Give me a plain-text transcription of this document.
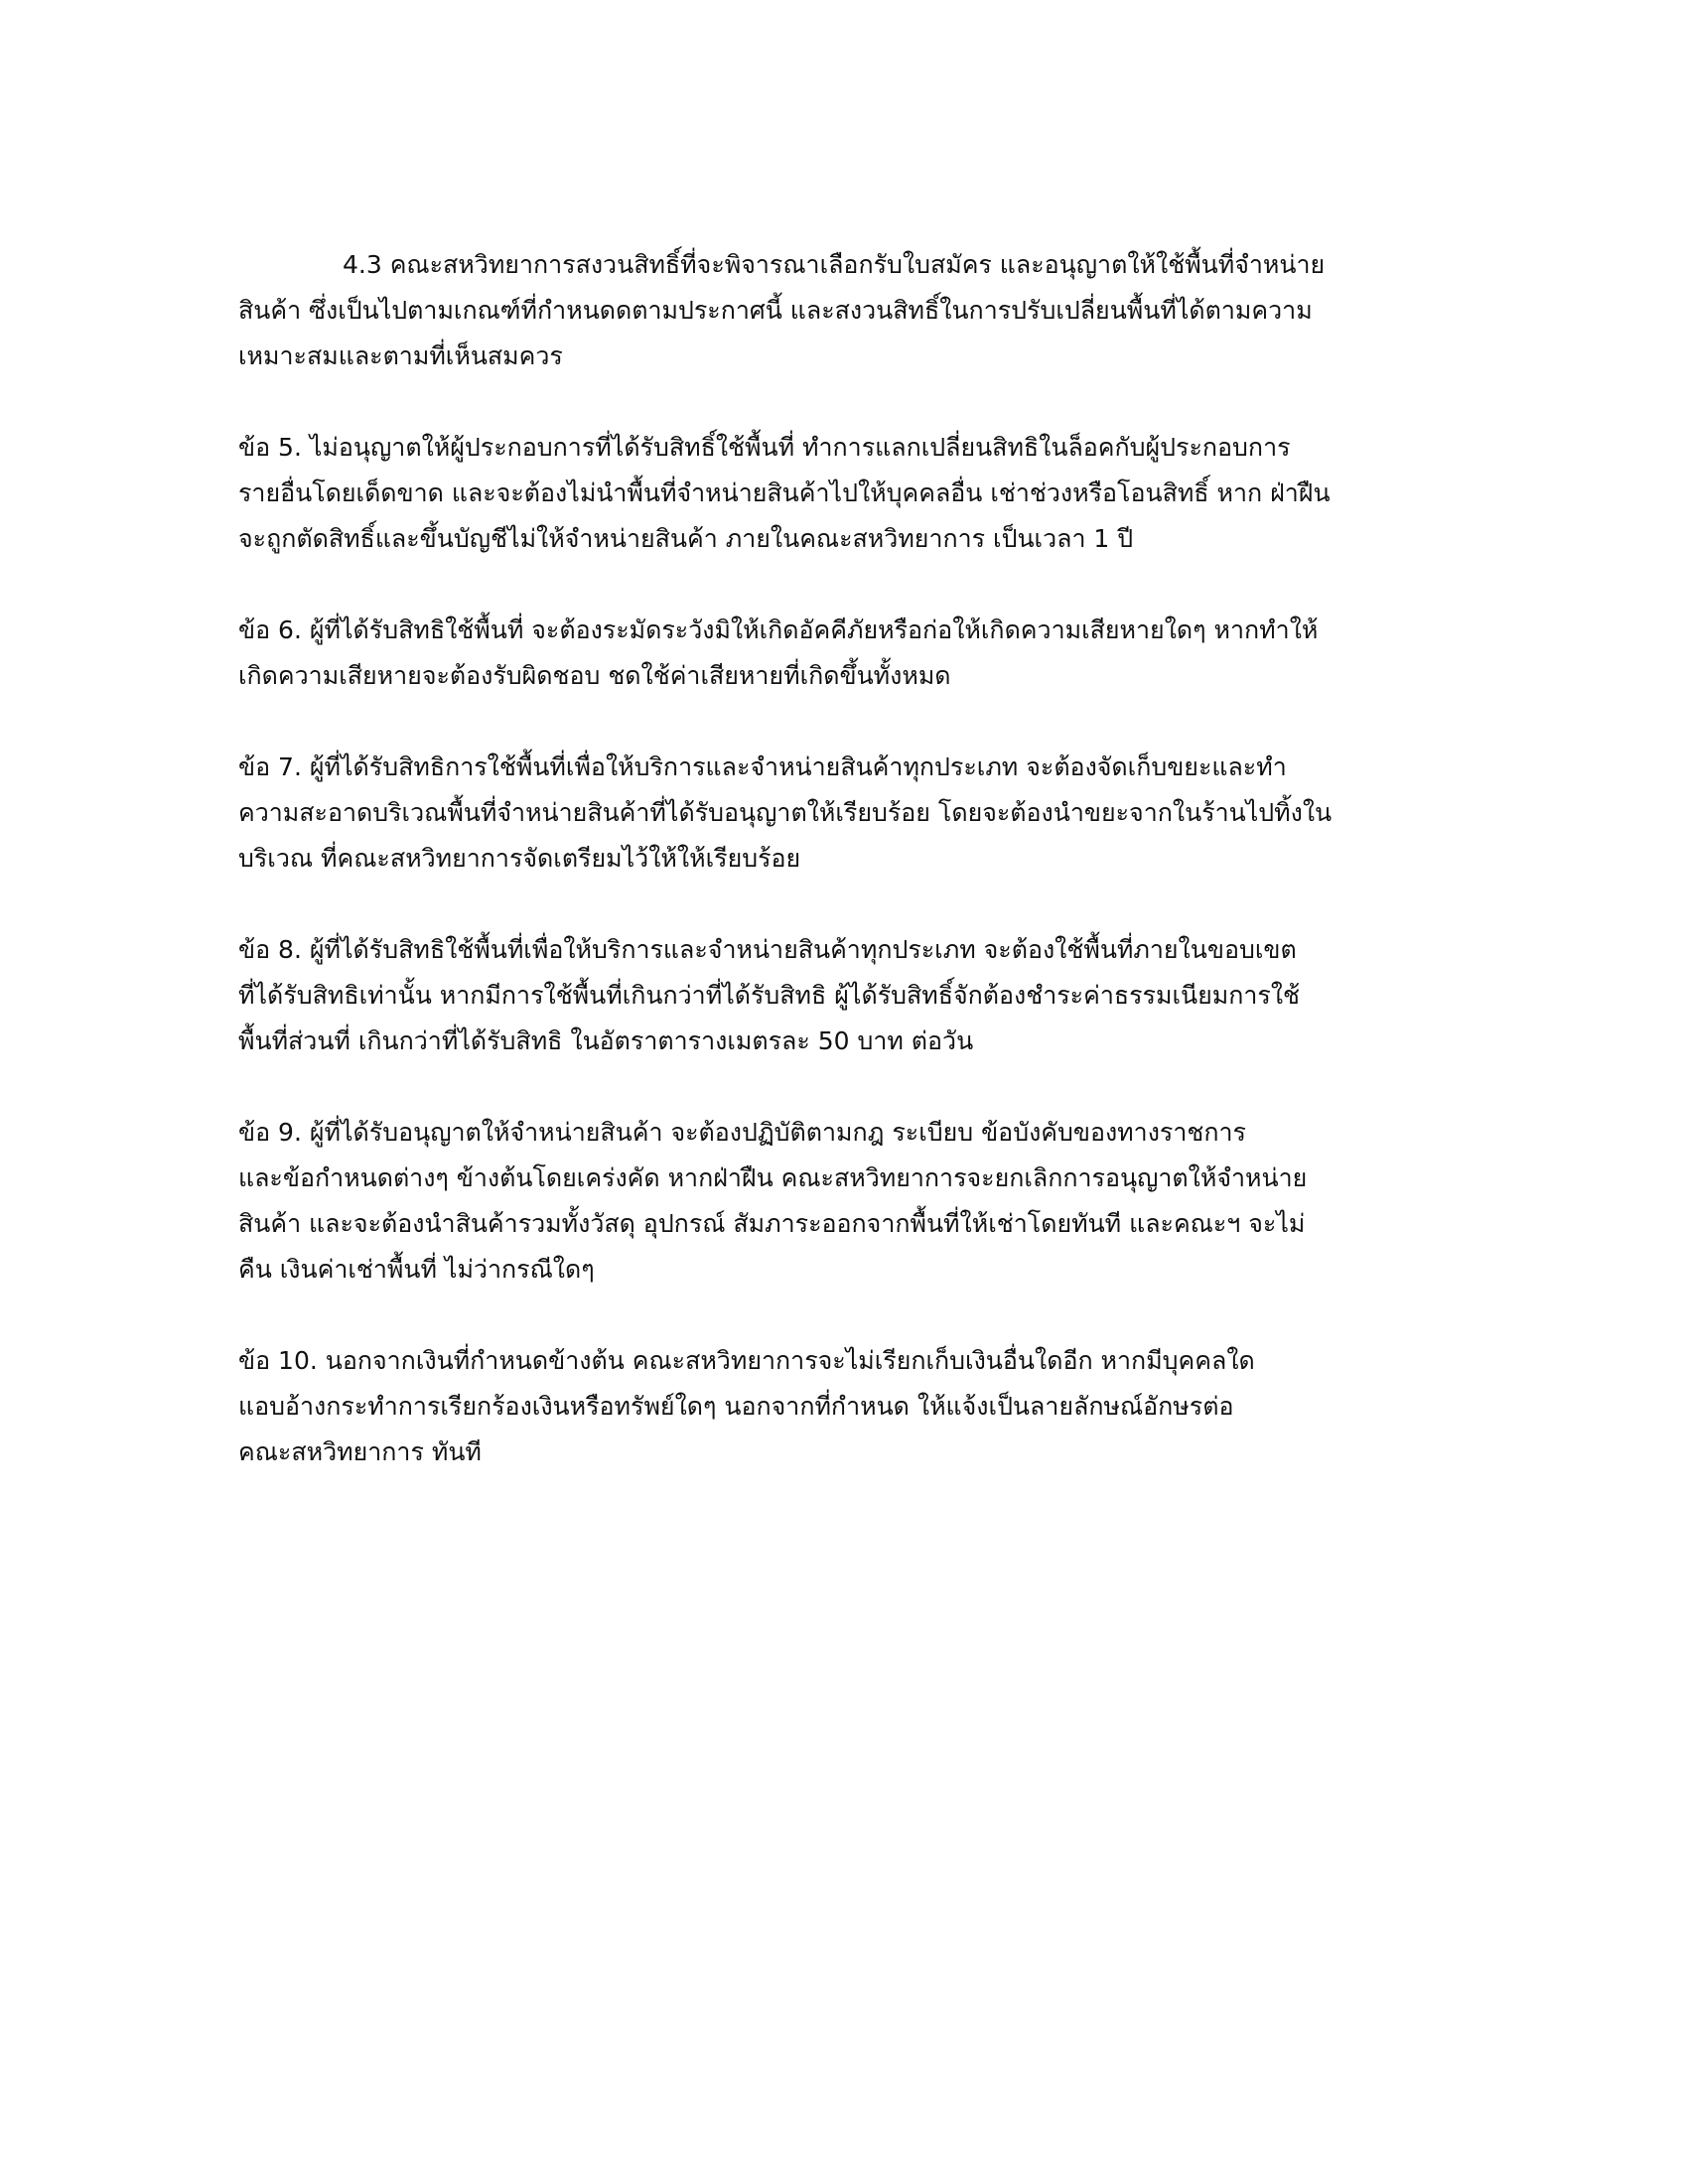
4.3 คณะสหวิทยาการสงวนสิทธิ์ที่จะพิจารณาเลือกรับใบสมัคร และอนุญาตให้ใช้พื้นที่จำหน่าย
สินค้า ซึ่งเป็นไปตามเกณฑ์ที่กำหนดดตามประกาศนี้ และสงวนสิทธิ์ในการปรับเปลี่ยนพื้นที่ได้ตามความ
เหมาะสมและตามที่เห็นสมควร

ข้อ 5. ไม่อนุญาตให้ผู้ประกอบการที่ได้รับสิทธิ์ใช้พื้นที่ ทำการแลกเปลี่ยนสิทธิในล็อคกับผู้ประกอบการ
รายอื่นโดยเด็ดขาด และจะต้องไม่นำพื้นที่จำหน่ายสินค้าไปให้บุคคลอื่น เช่าช่วงหรือโอนสิทธิ์ หาก ฝ่าฝืน
จะถูกตัดสิทธิ์และขึ้นบัญชีไม่ให้จำหน่ายสินค้า ภายในคณะสหวิทยาการ เป็นเวลา 1 ปี

ข้อ 6. ผู้ที่ได้รับสิทธิใช้พื้นที่ จะต้องระมัดระวังมิให้เกิดอัคคีภัยหรือก่อให้เกิดความเสียหายใดๆ หากทำให้
เกิดความเสียหายจะต้องรับผิดชอบ ชดใช้ค่าเสียหายที่เกิดขึ้นทั้งหมด

ข้อ 7. ผู้ที่ได้รับสิทธิการใช้พื้นที่เพื่อให้บริการและจำหน่ายสินค้าทุกประเภท จะต้องจัดเก็บขยะและทำ
ความสะอาดบริเวณพื้นที่จำหน่ายสินค้าที่ได้รับอนุญาตให้เรียบร้อย โดยจะต้องนำขยะจากในร้านไปทิ้งใน
บริเวณ ที่คณะสหวิทยาการจัดเตรียมไว้ให้ให้เรียบร้อย

ข้อ 8. ผู้ที่ได้รับสิทธิใช้พื้นที่เพื่อให้บริการและจำหน่ายสินค้าทุกประเภท จะต้องใช้พื้นที่ภายในขอบเขต
ที่ได้รับสิทธิเท่านั้น หากมีการใช้พื้นที่เกินกว่าที่ได้รับสิทธิ ผู้ได้รับสิทธิ์จักต้องชำระค่าธรรมเนียมการใช้
พื้นที่ส่วนที่ เกินกว่าที่ได้รับสิทธิ ในอัตราตารางเมตรละ 50 บาท ต่อวัน

ข้อ 9. ผู้ที่ได้รับอนุญาตให้จำหน่ายสินค้า จะต้องปฏิบัติตามกฎ ระเบียบ ข้อบังคับของทางราชการ
และข้อกำหนดต่างๆ ข้างต้นโดยเคร่งคัด หากฝ่าฝืน คณะสหวิทยาการจะยกเลิกการอนุญาตให้จำหน่าย
สินค้า และจะต้องนำสินค้ารวมทั้งวัสดุ อุปกรณ์ สัมภาระออกจากพื้นที่ให้เช่าโดยทันที และคณะฯ จะไม่
คืน เงินค่าเช่าพื้นที่ ไม่ว่ากรณีใดๆ

ข้อ 10. นอกจากเงินที่กำหนดข้างต้น คณะสหวิทยาการจะไม่เรียกเก็บเงินอื่นใดอีก หากมีบุคคลใด
แอบอ้างกระทำการเรียกร้องเงินหรือทรัพย์ใดๆ นอกจากที่กำหนด ให้แจ้งเป็นลายลักษณ์อักษรต่อ
คณะสหวิทยาการ ทันที
